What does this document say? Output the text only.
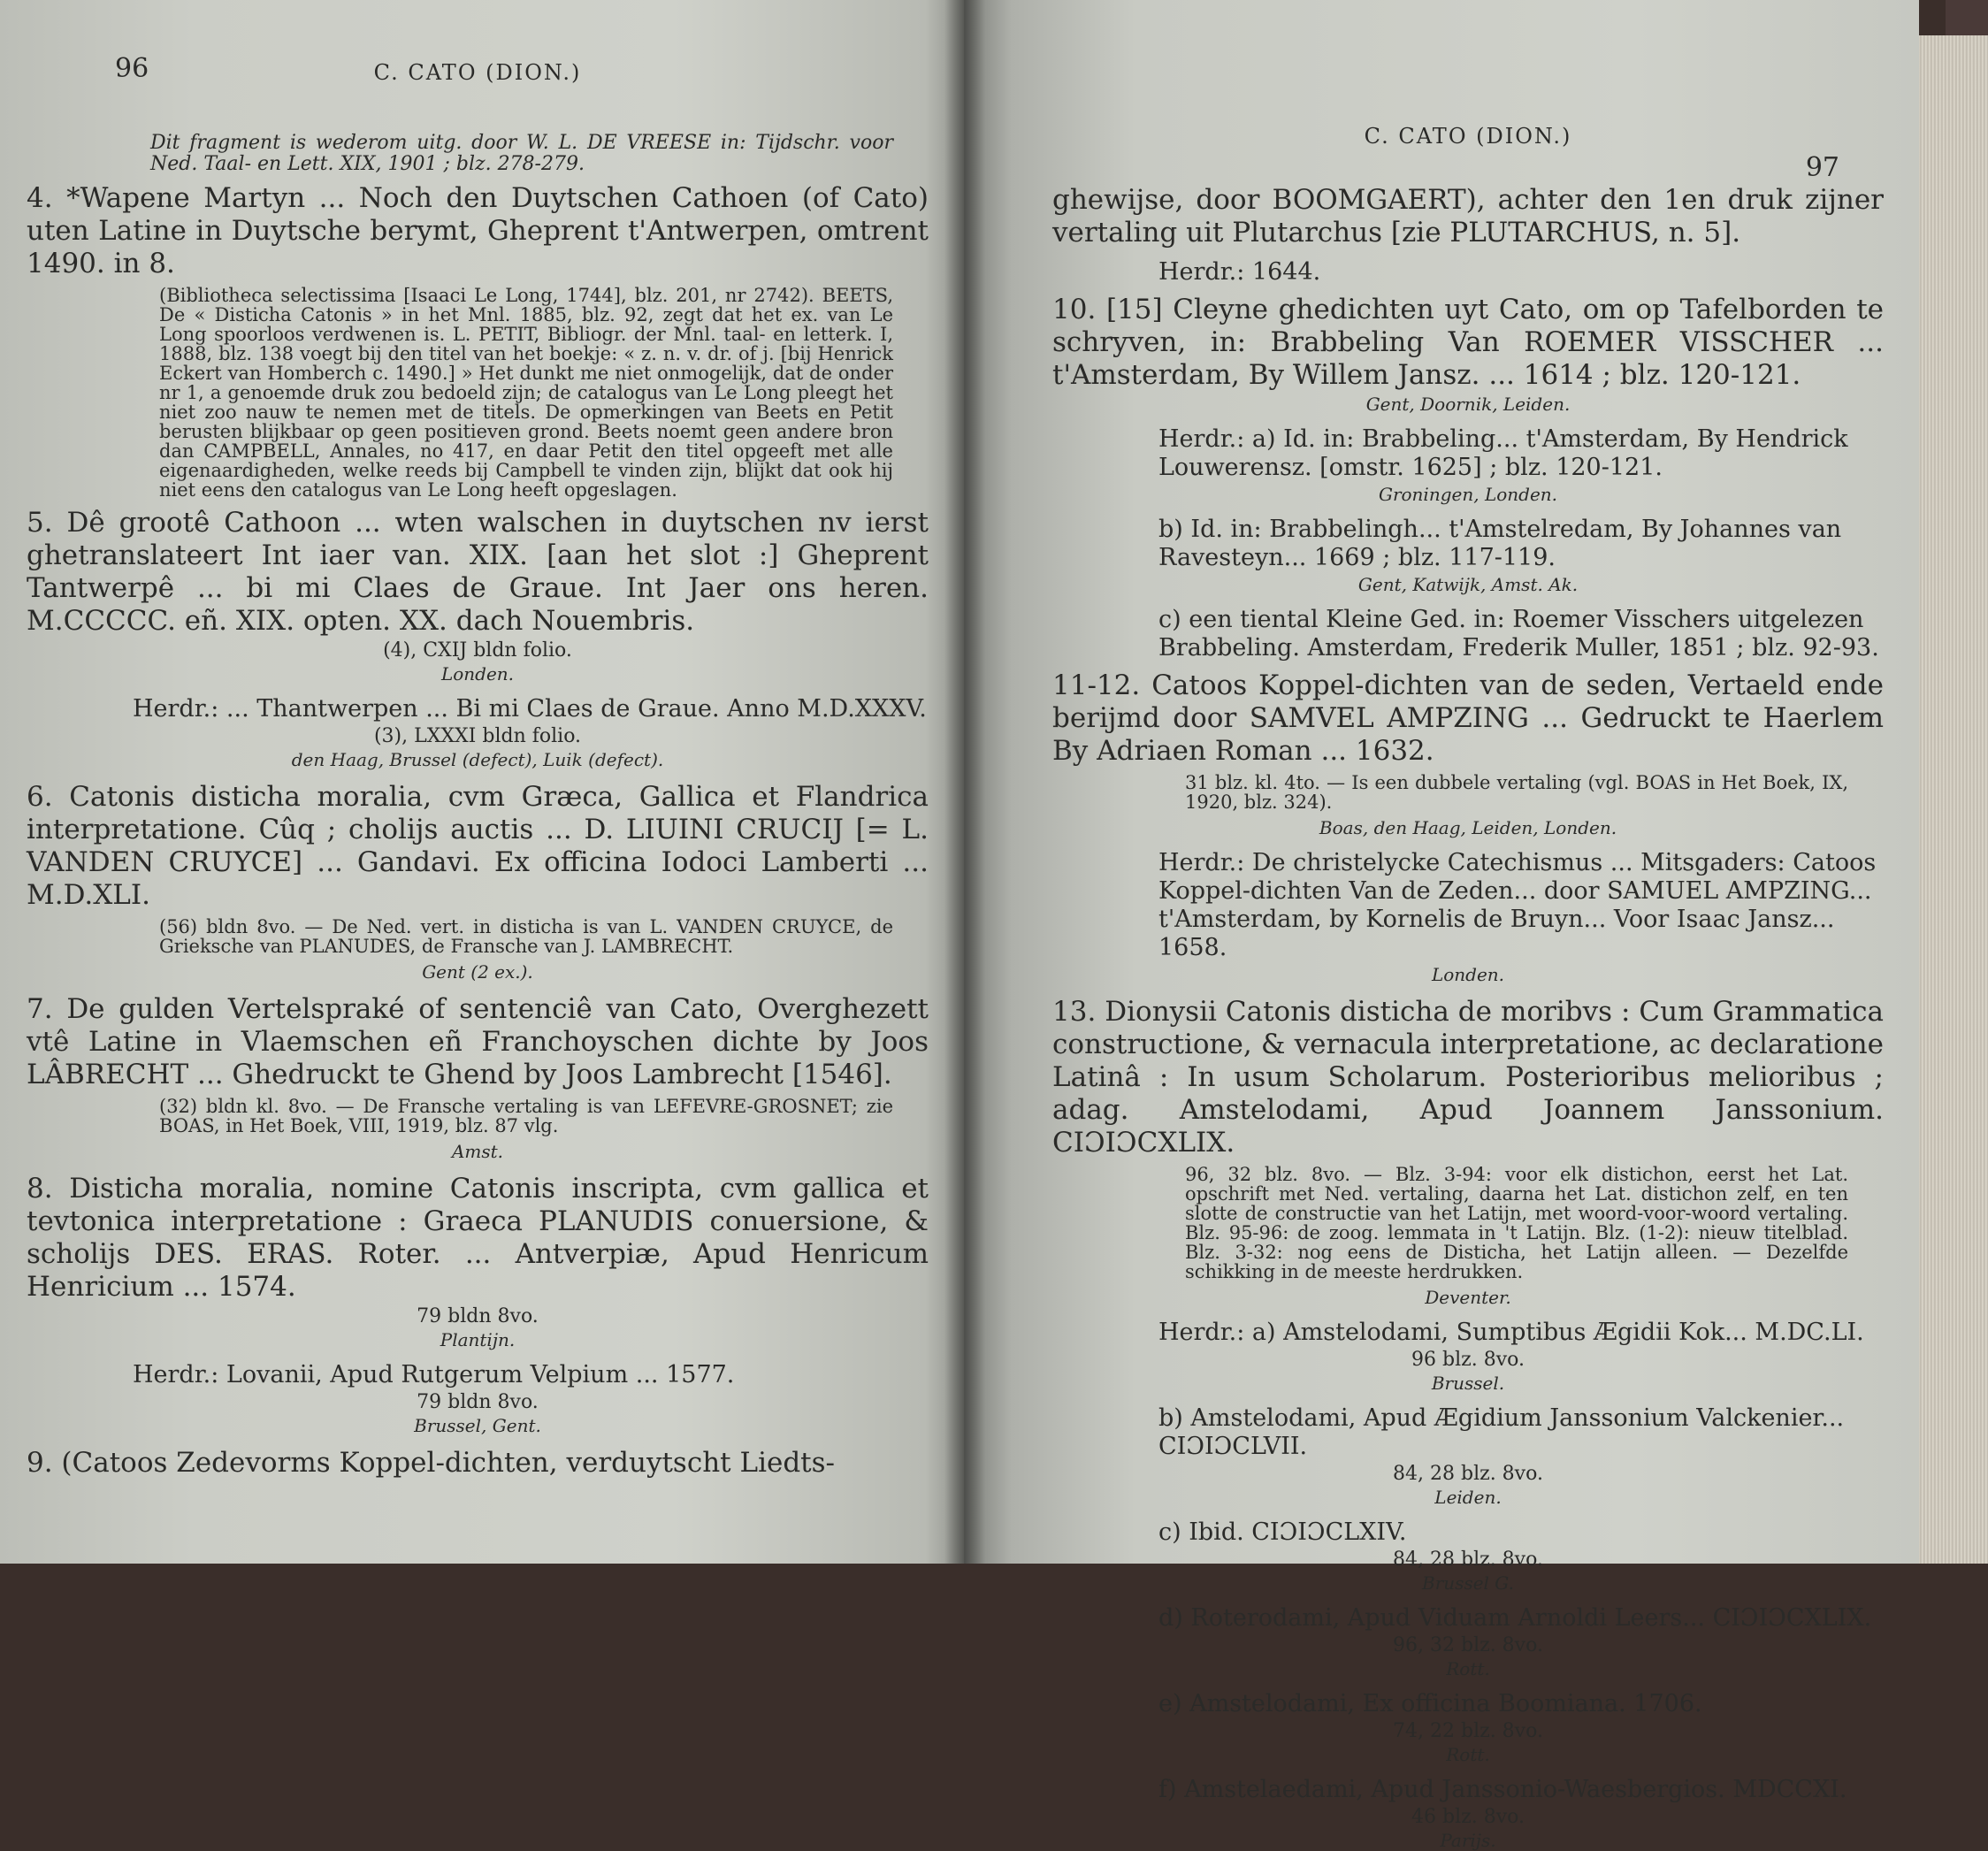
96	C. CATO (DION.)

Dit fragment is wederom uitg. door W. L. DE VREESE in: Tijdschr. voor Ned. Taal- en Lett. XIX, 1901 ; blz. 278-279.

4. *Wapene Martyn ... Noch den Duytschen Cathoen (of Cato) uten Latine in Duytsche berymt, Gheprent t'Antwerpen, omtrent 1490. in 8.

(Bibliotheca selectissima [Isaaci Le Long, 1744], blz. 201, nr 2742). BEETS, De « Disticha Catonis » in het Mnl. 1885, blz. 92, zegt dat het ex. van Le Long spoorloos verdwenen is. L. PETIT, Bibliogr. der Mnl. taal- en letterk. I, 1888, blz. 138 voegt bij den titel van het boekje: « z. n. v. dr. of j. [bij Henrick Eckert van Homberch c. 1490.] » Het dunkt me niet onmogelijk, dat de onder nr 1, a genoemde druk zou bedoeld zijn; de catalogus van Le Long pleegt het niet zoo nauw te nemen met de titels. De opmerkingen van Beets en Petit berusten blijkbaar op geen positieven grond. Beets noemt geen andere bron dan CAMPBELL, Annales, no 417, en daar Petit den titel opgeeft met alle eigenaardigheden, welke reeds bij Campbell te vinden zijn, blijkt dat ook hij niet eens den catalogus van Le Long heeft opgeslagen.

5. Dê grootê Cathoon ... wten walschen in duytschen nv ierst ghetranslateert Int iaer van. XIX. [aan het slot :] Gheprent Tantwerpê ... bi mi Claes de Graue. Int Jaer ons heren. M.CCCCC. eñ. XIX. opten. XX. dach Nouembris.

(4), CXIJ bldn folio.

Londen.

Herdr.: ... Thantwerpen ... Bi mi Claes de Graue. Anno M.D.XXXV.

(3), LXXXI bldn folio.

den Haag, Brussel (defect), Luik (defect).

6. Catonis disticha moralia, cvm Græca, Gallica et Flandrica interpretatione. Cûq ; cholijs auctis ... D. LIUINI CRUCIJ [= L. VANDEN CRUYCE] ... Gandavi. Ex officina Iodoci Lamberti ... M.D.XLI.

(56) bldn 8vo. — De Ned. vert. in disticha is van L. VANDEN CRUYCE, de Grieksche van PLANUDES, de Fransche van J. LAMBRECHT.

Gent (2 ex.).

7. De gulden Vertelspraké of sentenciê van Cato, Overghezett vtê Latine in Vlaemschen eñ Franchoyschen dichte by Joos LÂBRECHT ... Ghedruckt te Ghend by Joos Lambrecht [1546].

(32) bldn kl. 8vo. — De Fransche vertaling is van LEFEVRE-GROSNET; zie BOAS, in Het Boek, VIII, 1919, blz. 87 vlg.

Amst.

8. Disticha moralia, nomine Catonis inscripta, cvm gallica et tevtonica interpretatione : Graeca PLANUDIS conuersione, & scholijs DES. ERAS. Roter. ... Antverpiæ, Apud Henricum Henricium ... 1574.

79 bldn 8vo.

Plantijn.

Herdr.: Lovanii, Apud Rutgerum Velpium ... 1577.

79 bldn 8vo.

Brussel, Gent.

9. (Catoos Zedevorms Koppel-dichten, verduytscht Liedts-

C. CATO (DION.)
97

ghewijse, door BOOMGAERT), achter den 1en druk zijner vertaling uit Plutarchus [zie PLUTARCHUS, n. 5].

Herdr.: 1644.

10. [15] Cleyne ghedichten uyt Cato, om op Tafelborden te schryven, in: Brabbeling Van ROEMER VISSCHER ... t'Amsterdam, By Willem Jansz. ... 1614 ; blz. 120-121.

Gent, Doornik, Leiden.

Herdr.: a) Id. in: Brabbeling... t'Amsterdam, By Hendrick Louwerensz. [omstr. 1625] ; blz. 120-121.

Groningen, Londen.

b) Id. in: Brabbelingh... t'Amstelredam, By Johannes van Ravesteyn... 1669 ; blz. 117-119.

Gent, Katwijk, Amst. Ak.

c) een tiental Kleine Ged. in: Roemer Visschers uitgelezen Brabbeling. Amsterdam, Frederik Muller, 1851 ; blz. 92-93.

11-12. Catoos Koppel-dichten van de seden, Vertaeld ende berijmd door SAMVEL AMPZING ... Gedruckt te Haerlem By Adriaen Roman ... 1632.

31 blz. kl. 4to. — Is een dubbele vertaling (vgl. BOAS in Het Boek, IX, 1920, blz. 324).

Boas, den Haag, Leiden, Londen.

Herdr.: De christelycke Catechismus ... Mitsgaders: Catoos Koppel-dichten Van de Zeden... door SAMUEL AMPZING... t'Amsterdam, by Kornelis de Bruyn... Voor Isaac Jansz... 1658.

Londen.

13. Dionysii Catonis disticha de moribvs : Cum Grammatica constructione, & vernacula interpretatione, ac declaratione Latinâ : In usum Scholarum. Posterioribus melioribus ; adag. Amstelodami, Apud Joannem Janssonium. CIƆIƆCXLIX.

96, 32 blz. 8vo. — Blz. 3-94: voor elk distichon, eerst het Lat. opschrift met Ned. vertaling, daarna het Lat. distichon zelf, en ten slotte de constructie van het Latijn, met woord-voor-woord vertaling. Blz. 95-96: de zoog. lemmata in 't Latijn. Blz. (1-2): nieuw titelblad. Blz. 3-32: nog eens de Disticha, het Latijn alleen. — Dezelfde schikking in de meeste herdrukken.

Deventer.

Herdr.: a) Amstelodami, Sumptibus Ægidii Kok... M.DC.LI.

96 blz. 8vo.

Brussel.

b) Amstelodami, Apud Ægidium Janssonium Valckenier... CIƆIƆCLVII.

84, 28 blz. 8vo.

Leiden.

c) Ibid. CIƆIƆCLXIV.

84, 28 blz. 8vo.

Brussel G.

d) Roterodami, Apud Viduam Arnoldi Leers... CIƆIƆCXLIX.

96, 32 blz. 8vo.

Rott.

e) Amstelodami, Ex officina Boomiana. 1706.

74, 22 blz. 8vo.

Rott.

f) Amstelaedami, Apud Janssonio-Waesbergios. MDCCXI.

46 blz. 8vo.

Parijs.
